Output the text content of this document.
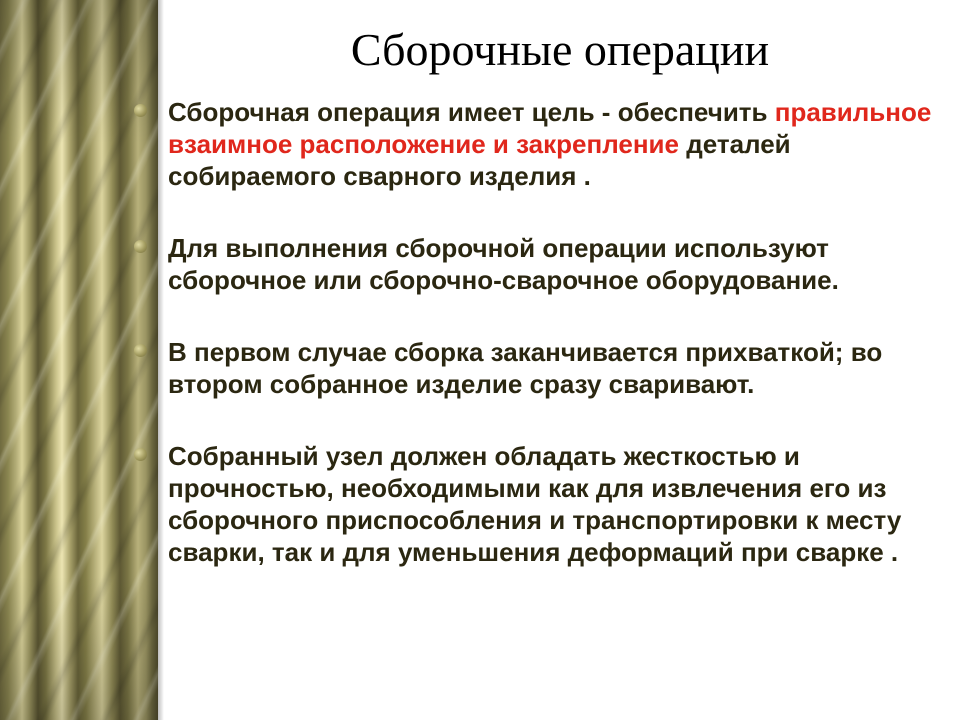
Сборочные операции
Сборочная операция имеет цель - обеспечить правильное взаимное расположение и закрепление деталей собираемого сварного изделия .
Для выполнения сборочной операции используют сборочное или сборочно-сварочное оборудование.
В первом случае сборка заканчивается прихваткой; во втором собранное изделие сразу сваривают.
Собранный узел должен обладать жесткостью и прочностью, необходимыми как для извлечения его из сборочного приспособления и транспортировки к месту сварки, так и для уменьшения деформаций при сварке .
